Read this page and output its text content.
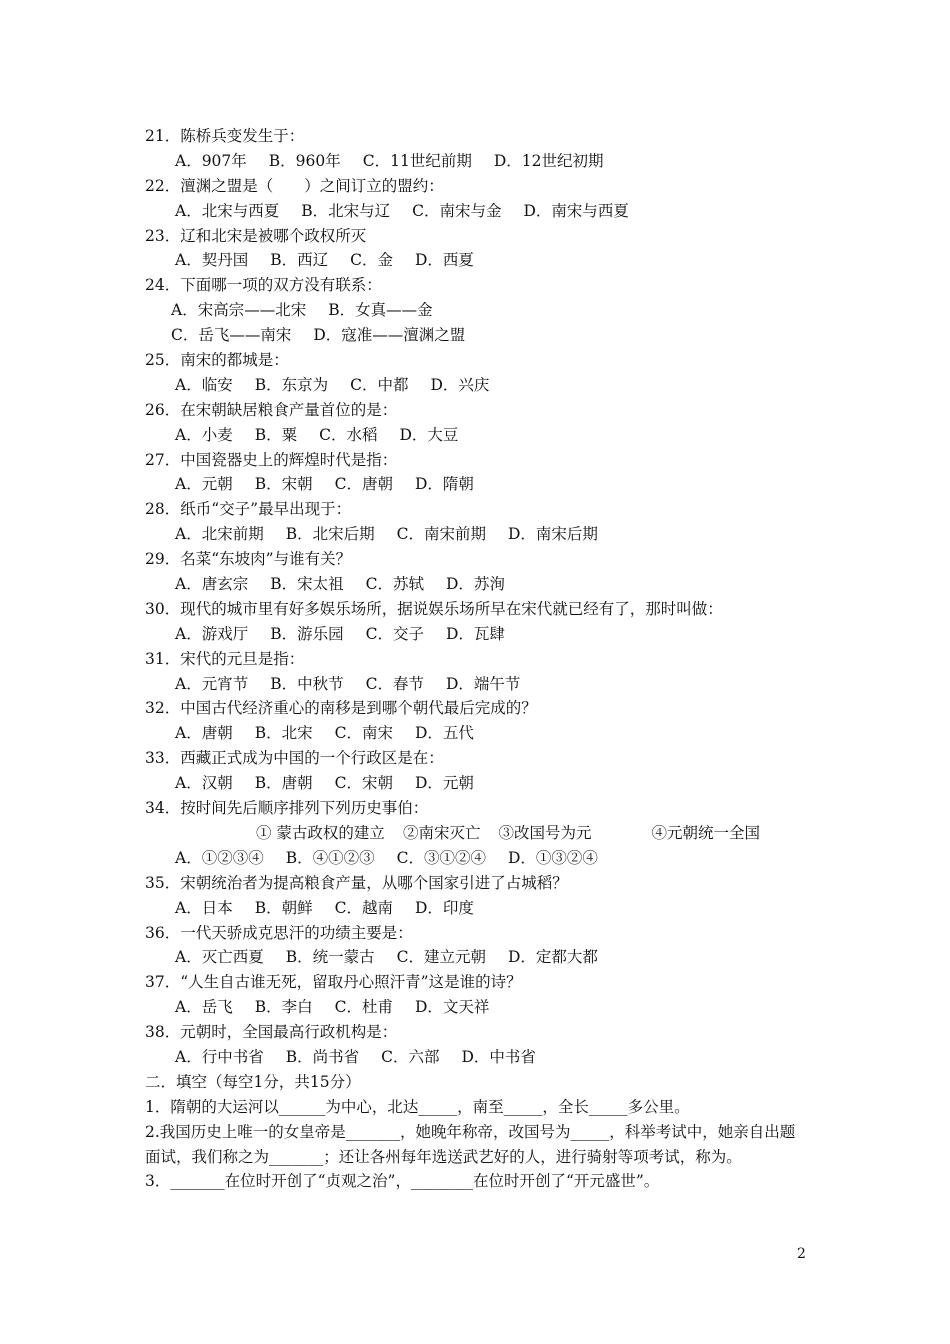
21．陈桥兵变发生于：
A．907年 B．960年 C．11世纪前期 D．12世纪初期
22．澶渊之盟是（　　）之间订立的盟约：
A．北宋与西夏 B．北宋与辽 C．南宋与金 D．南宋与西夏
23．辽和北宋是被哪个政权所灭
A．契丹国 B．西辽 C．金 D．西夏
24．下面哪一项的双方没有联系：
A．宋高宗——北宋 B．女真——金
C．岳飞——南宋 D．寇准——澶渊之盟
25．南宋的都城是：
A．临安 B．东京为 C．中都 D．兴庆
26．在宋朝缺居粮食产量首位的是：
A．小麦 B．粟 C．水稻 D．大豆
27．中国瓷器史上的辉煌时代是指：
A．元朝 B．宋朝 C．唐朝 D．隋朝
28．纸币“交子”最早出现于：
A．北宋前期 B．北宋后期 C．南宋前期 D．南宋后期
29．名菜“东坡肉”与谁有关？
A．唐玄宗 B．宋太祖 C．苏轼 D．苏洵
30．现代的城市里有好多娱乐场所，据说娱乐场所早在宋代就已经有了，那时叫做：
A．游戏厅 B．游乐园 C．交子 D．瓦肆
31．宋代的元旦是指：
A．元宵节 B．中秋节 C．春节 D．端午节
32．中国古代经济重心的南移是到哪个朝代最后完成的？
A．唐朝 B．北宋 C．南宋 D．五代
33．西藏正式成为中国的一个行政区是在：
A．汉朝 B．唐朝 C．宋朝 D．元朝
34．按时间先后顺序排列下列历史事伯：
① 蒙古政权的建立 ②南宋灭亡 ③改国号为元	④元朝统一全国
A．①②③④ B．④①②③ C．③①②④ D．①③②④
35．宋朝统治者为提高粮食产量，从哪个国家引进了占城稻？
A．日本 B．朝鲜 C．越南 D．印度
36．一代天骄成克思汗的功绩主要是：
A．灭亡西夏 B．统一蒙古 C．建立元朝 D．定都大都
37．“人生自古谁无死，留取丹心照汗青”这是谁的诗？
A．岳飞 B．李白 C．杜甫 D．文天祥
38．元朝时，全国最高行政机构是：
A．行中书省 B．尚书省 C．六部 D．中书省
二．填空（每空1分，共15分）
1．隋朝的大运河以______为中心，北达_____，南至_____，全长_____多公里。
2.我国历史上唯一的女皇帝是_______，她晚年称帝，改国号为_____，科举考试中，她亲自出题面试，我们称之为_______；还让各州每年选送武艺好的人，进行骑射等项考试，称为。
3．_______在位时开创了“贞观之治”，________在位时开创了“开元盛世”。
2
